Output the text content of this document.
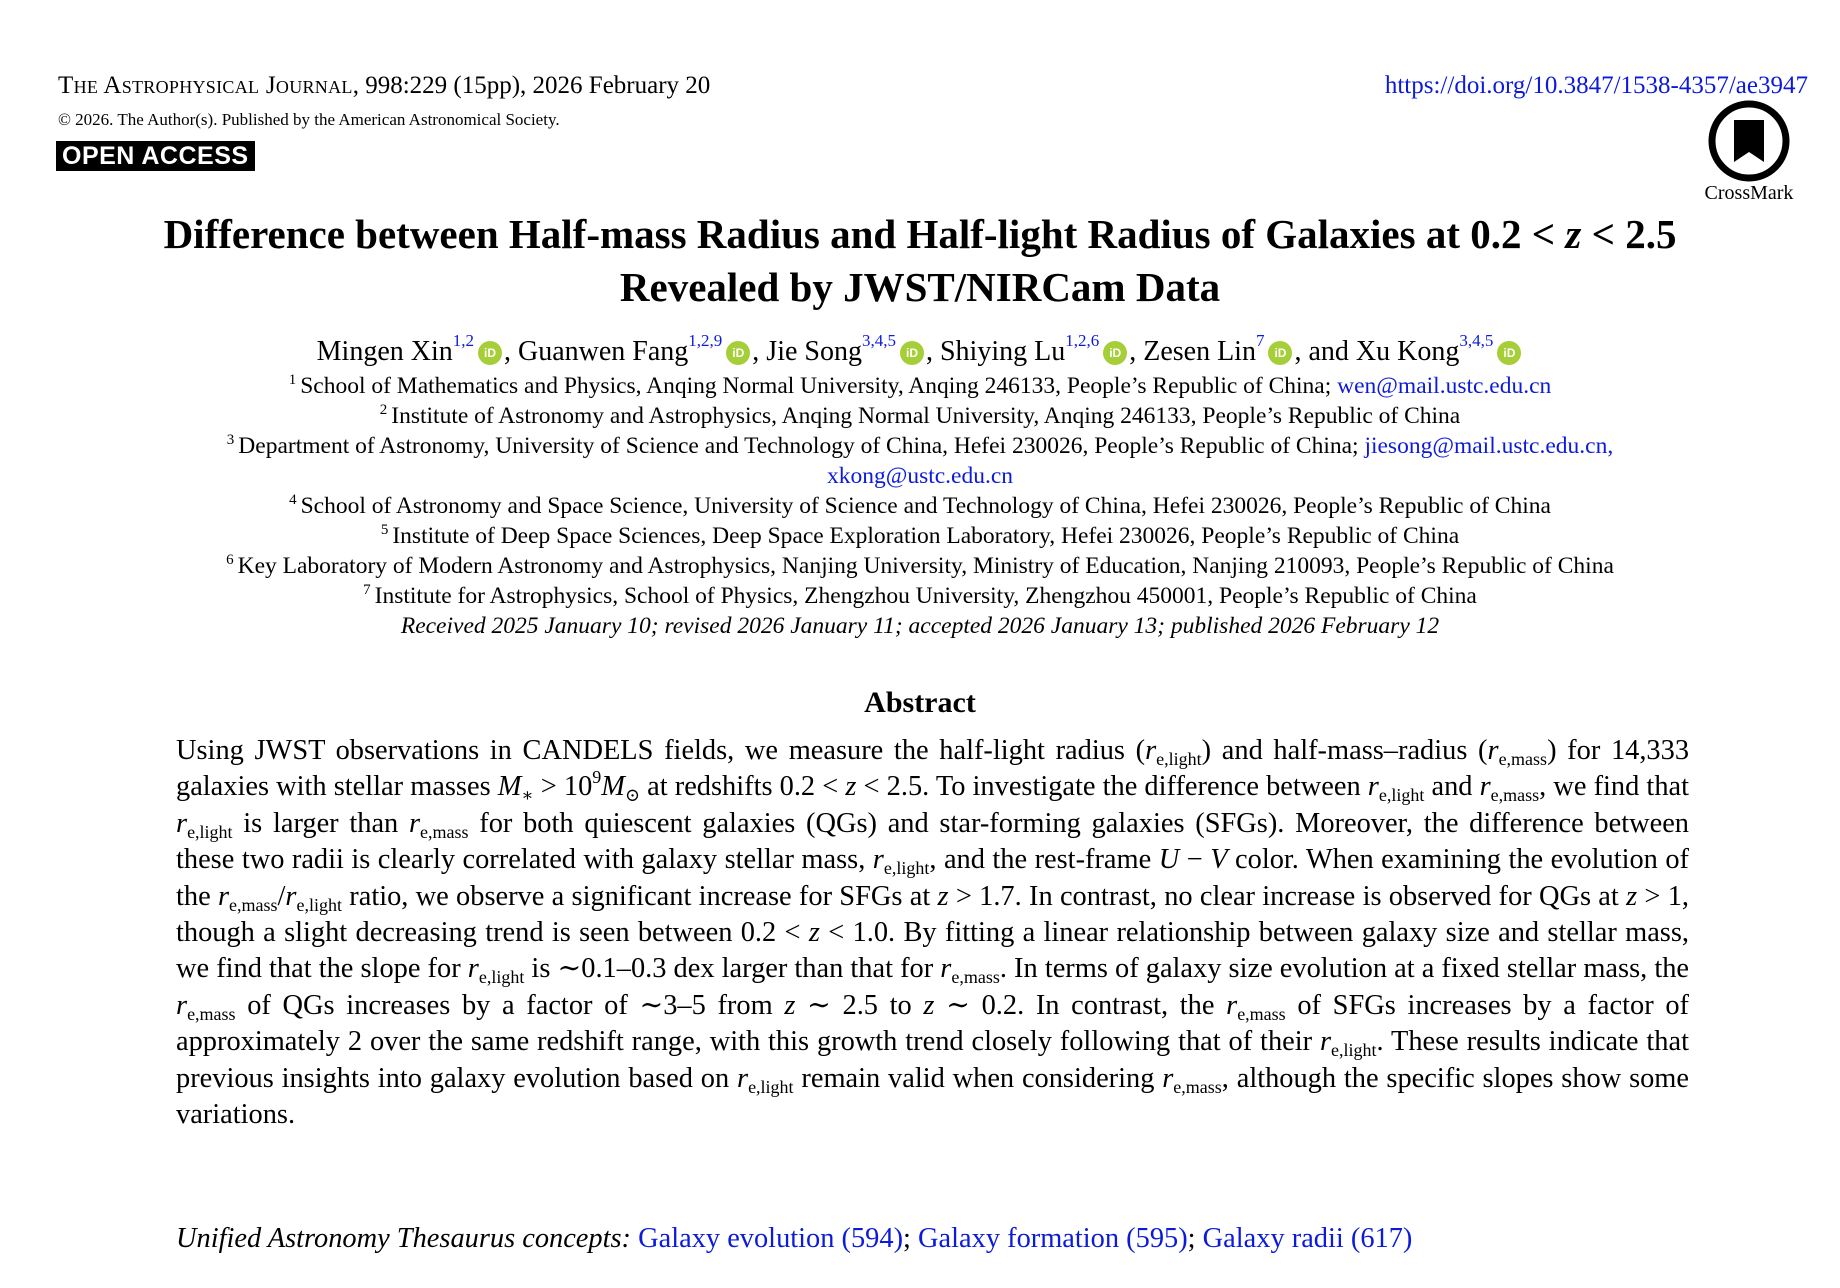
The Astrophysical Journal, 998:229 (15pp), 2026 February 20	https://doi.org/10.3847/1538-4357/ae3947
© 2026. The Author(s). Published by the American Astronomical Society.
OPEN ACCESS
CrossMark
Difference between Half-mass Radius and Half-light Radius of Galaxies at 0.2 < z < 2.5
Revealed by JWST/NIRCam Data
Mingen Xin$^{1,2}$iD , Guanwen Fang$^{1,2,9}$iD , Jie Song$^{3,4,5}$iD , Shiying Lu$^{1,2,6}$iD , Zesen Lin$^7$iD , and Xu Kong$^{3,4,5}$iD
$^1$ School of Mathematics and Physics, Anqing Normal University, Anqing 246133, People’s Republic of China; wen@mail.ustc.edu.cn
$^2$ Institute of Astronomy and Astrophysics, Anqing Normal University, Anqing 246133, People’s Republic of China
$^3$ Department of Astronomy, University of Science and Technology of China, Hefei 230026, People’s Republic of China; jiesong@mail.ustc.edu.cn,
xkong@ustc.edu.cn
$^4$ School of Astronomy and Space Science, University of Science and Technology of China, Hefei 230026, People’s Republic of China
$^5$ Institute of Deep Space Sciences, Deep Space Exploration Laboratory, Hefei 230026, People’s Republic of China
$^6$ Key Laboratory of Modern Astronomy and Astrophysics, Nanjing University, Ministry of Education, Nanjing 210093, People’s Republic of China
$^7$ Institute for Astrophysics, School of Physics, Zhengzhou University, Zhengzhou 450001, People’s Republic of China
Received 2025 January 10; revised 2026 January 11; accepted 2026 January 13; published 2026 February 12
Abstract
Using JWST observations in CANDELS fields, we measure the half-light radius $(r_{e,light})$ and half-mass–radius $(r_{e,mass})$ for 14,333 galaxies with stellar masses $M_∗ > 10^9M_⊙$ at redshifts 0.2 < z < 2.5. To investigate the difference between $r_{e,light}$ and $r_{e,mass}$, we find that $r_{e,light}$ is larger than $r_{e,mass}$ for both quiescent galaxies (QGs) and star-forming galaxies (SFGs). Moreover, the difference between these two radii is clearly correlated with galaxy stellar mass, $r_{e,light}$, and the rest-frame U − V color. When examining the evolution of the $r_{e,mass}/r_{e,light}$ ratio, we observe a significant increase for SFGs at z > 1.7. In contrast, no clear increase is observed for QGs at z > 1, though a slight decreasing trend is seen between 0.2 < z < 1.0. By fitting a linear relationship between galaxy size and stellar mass, we find that the slope for $r_{e,light}$ is ∼0.1–0.3 dex larger than that for $r_{e,mass}$. In terms of galaxy size evolution at a fixed stellar mass, the $r_{e,mass}$ of QGs increases by a factor of ∼3–5 from z ∼ 2.5 to z ∼ 0.2. In contrast, the $r_{e,mass}$ of SFGs increases by a factor of approximately 2 over the same redshift range, with this growth trend closely following that of their $r_{e,light}$. These results indicate that previous insights into galaxy evolution based on $r_{e,light}$ remain valid when considering $r_{e,mass}$, although the specific slopes show some variations.
Unified Astronomy Thesaurus concepts: Galaxy evolution (594); Galaxy formation (595); Galaxy radii (617)
